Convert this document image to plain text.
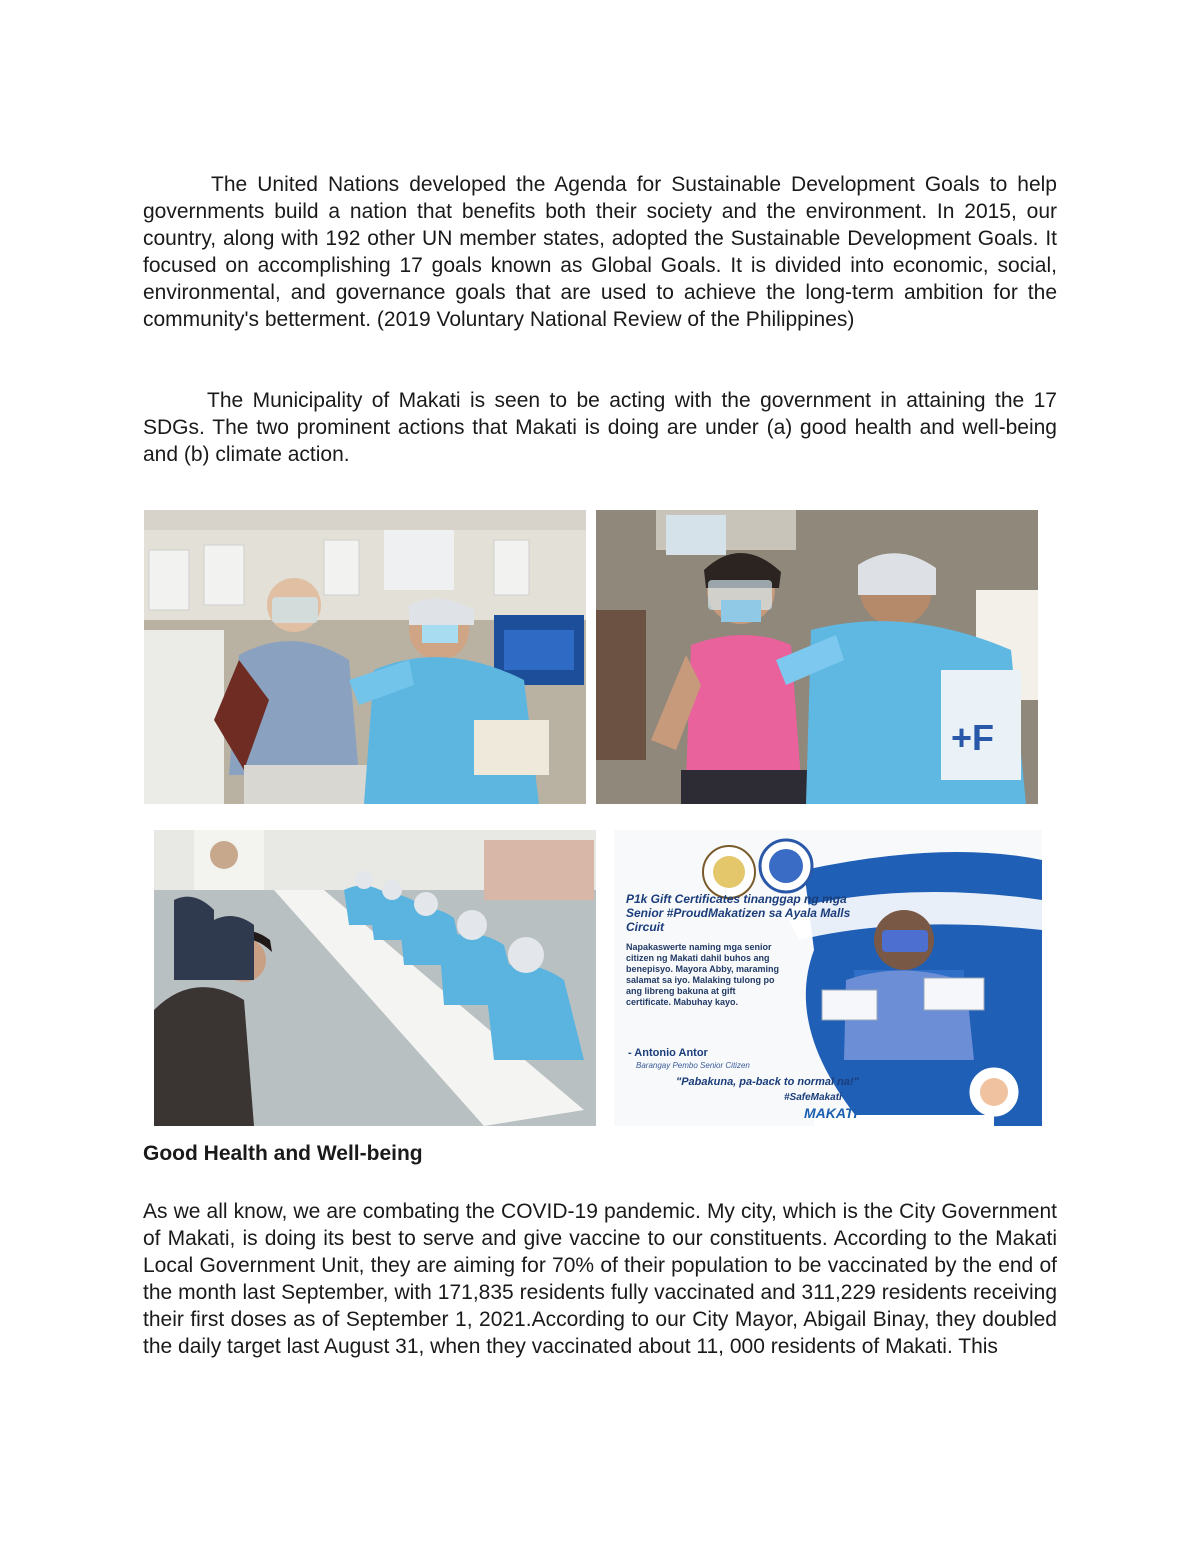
The United Nations developed the Agenda for Sustainable Development Goals to help governments build a nation that benefits both their society and the environment. In 2015, our country, along with 192 other UN member states, adopted the Sustainable Development Goals. It focused on accomplishing 17 goals known as Global Goals. It is divided into economic, social, environmental, and governance goals that are used to achieve the long-term ambition for the community's betterment. (2019 Voluntary National Review of the Philippines)

The Municipality of Makati is seen to be acting with the government in attaining the 17 SDGs. The two prominent actions that Makati is doing are under (a) good health and well-being and (b) climate action.

+F
P1k Gift Certificates tinanggap ng mga Senior #ProudMakatizen sa Ayala Malls Circuit
Napakaswerte naming mga senior citizen ng Makati dahil buhos ang benepisyo. Mayora Abby, maraming salamat sa iyo. Malaking tulong po ang libreng bakuna at gift certificate. Mabuhay kayo.
- Antonio Antor
Barangay Pembo Senior Citizen
"Pabakuna, pa-back to normal na!"
#SafeMakati
MAKATI
Good Health and Well-being

As we all know, we are combating the COVID-19 pandemic. My city, which is the City Government of Makati, is doing its best to serve and give vaccine to our constituents. According to the Makati Local Government Unit, they are aiming for 70% of their population to be vaccinated by the end of the month last September, with 171,835 residents fully vaccinated and 311,229 residents receiving their first doses as of September 1, 2021.According to our City Mayor, Abigail Binay, they doubled the daily target last August 31, when they vaccinated about 11, 000 residents of Makati. This
